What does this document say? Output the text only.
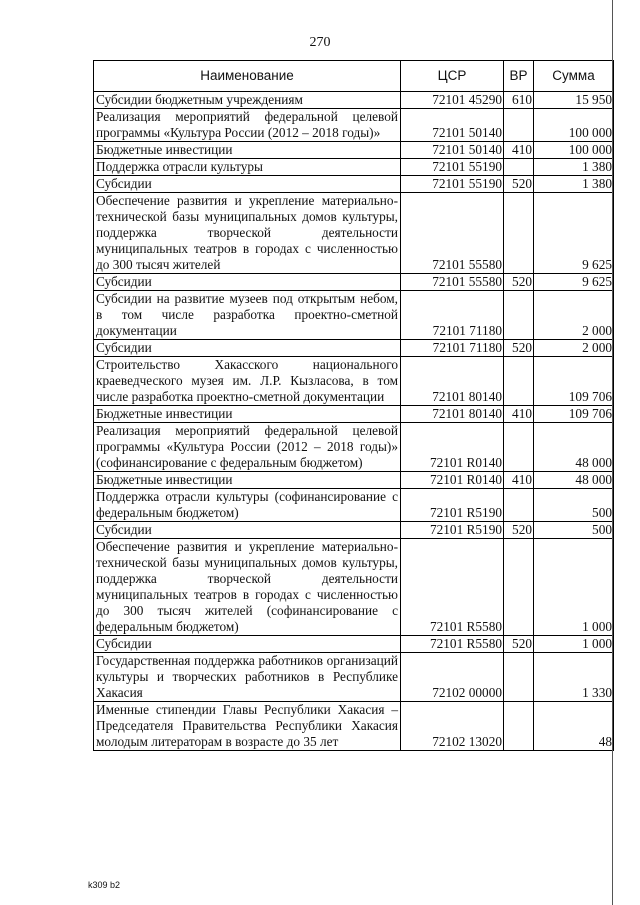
270
Наименование	ЦСР	ВР	Сумма
Субсидии бюджетным учреждениям	72101 45290	610	15 950
Реализация мероприятий федеральной целевой программы «Культура России (2012 – 2018 годы)»	72101 50140		100 000
Бюджетные инвестиции	72101 50140	410	100 000
Поддержка отрасли культуры	72101 55190		1 380
Субсидии	72101 55190	520	1 380
Обеспечение развития и укрепление материально-технической базы муниципальных домов культуры, поддержка творческой деятельности муниципальных театров в городах с численностью до 300 тысяч жителей	72101 55580		9 625
Субсидии	72101 55580	520	9 625
Субсидии на развитие музеев под открытым небом, в том числе разработка проектно-сметной документации	72101 71180		2 000
Субсидии	72101 71180	520	2 000
Строительство Хакасского национального краеведческого музея им. Л.Р. Кызласова, в том числе разработка проектно-сметной документации	72101 80140		109 706
Бюджетные инвестиции	72101 80140	410	109 706
Реализация мероприятий федеральной целевой программы «Культура России (2012 – 2018 годы)» (софинансирование с федеральным бюджетом)	72101 R0140		48 000
Бюджетные инвестиции	72101 R0140	410	48 000
Поддержка отрасли культуры (софинансирование с федеральным бюджетом)	72101 R5190		500
Субсидии	72101 R5190	520	500
Обеспечение развития и укрепление материально-технической базы муниципальных домов культуры, поддержка творческой деятельности муниципальных театров в городах с численностью до 300 тысяч жителей (софинансирование с федеральным бюджетом)	72101 R5580		1 000
Субсидии	72101 R5580	520	1 000
Государственная поддержка работников организаций культуры и творческих работников в Республике Хакасия	72102 00000		1 330
Именные стипендии Главы Республики Хакасия – Председателя Правительства Республики Хакасия молодым литераторам в возрасте до 35 лет	72102 13020		48
k309 b2
